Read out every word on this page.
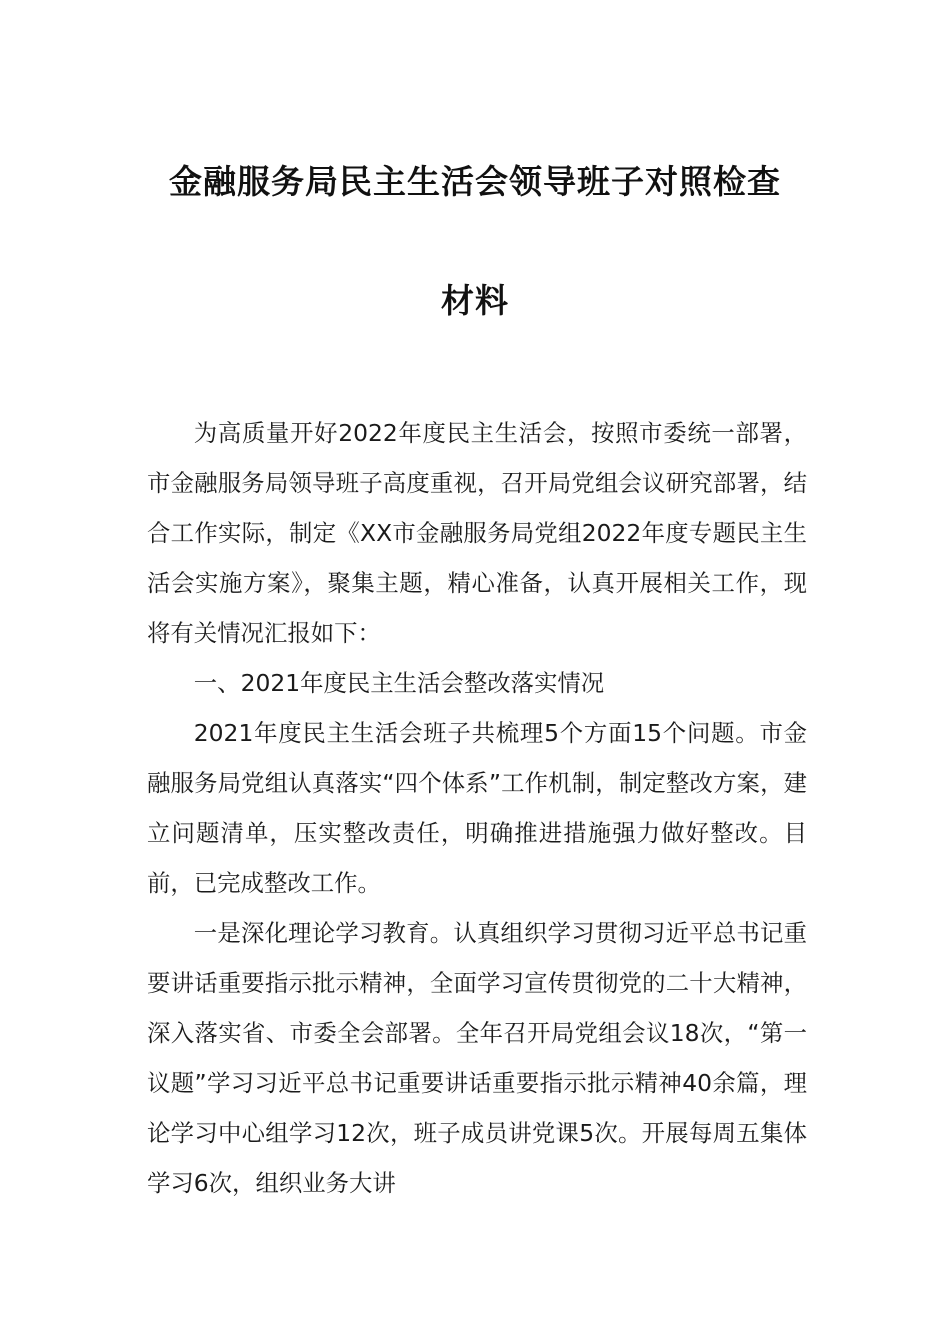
金融服务局民主生活会领导班子对照检查
材料

为高质量开好2022年度民主生活会，按照市委统一部署，市金融服务局领导班子高度重视，召开局党组会议研究部署，结合工作实际，制定《XX市金融服务局党组2022年度专题民主生活会实施方案》，聚集主题，精心准备，认真开展相关工作，现将有关情况汇报如下：

一、2021年度民主生活会整改落实情况

2021年度民主生活会班子共梳理5个方面15个问题。市金融服务局党组认真落实“四个体系”工作机制，制定整改方案，建立问题清单，压实整改责任，明确推进措施强力做好整改。目前，已完成整改工作。

一是深化理论学习教育。认真组织学习贯彻习近平总书记重要讲话重要指示批示精神，全面学习宣传贯彻党的二十大精神，深入落实省、市委全会部署。全年召开局党组会议18次，“第一议题”学习习近平总书记重要讲话重要指示批示精神40余篇，理论学习中心组学习12次，班子成员讲党课5次。开展每周五集体学习6次，组织业务大讲
